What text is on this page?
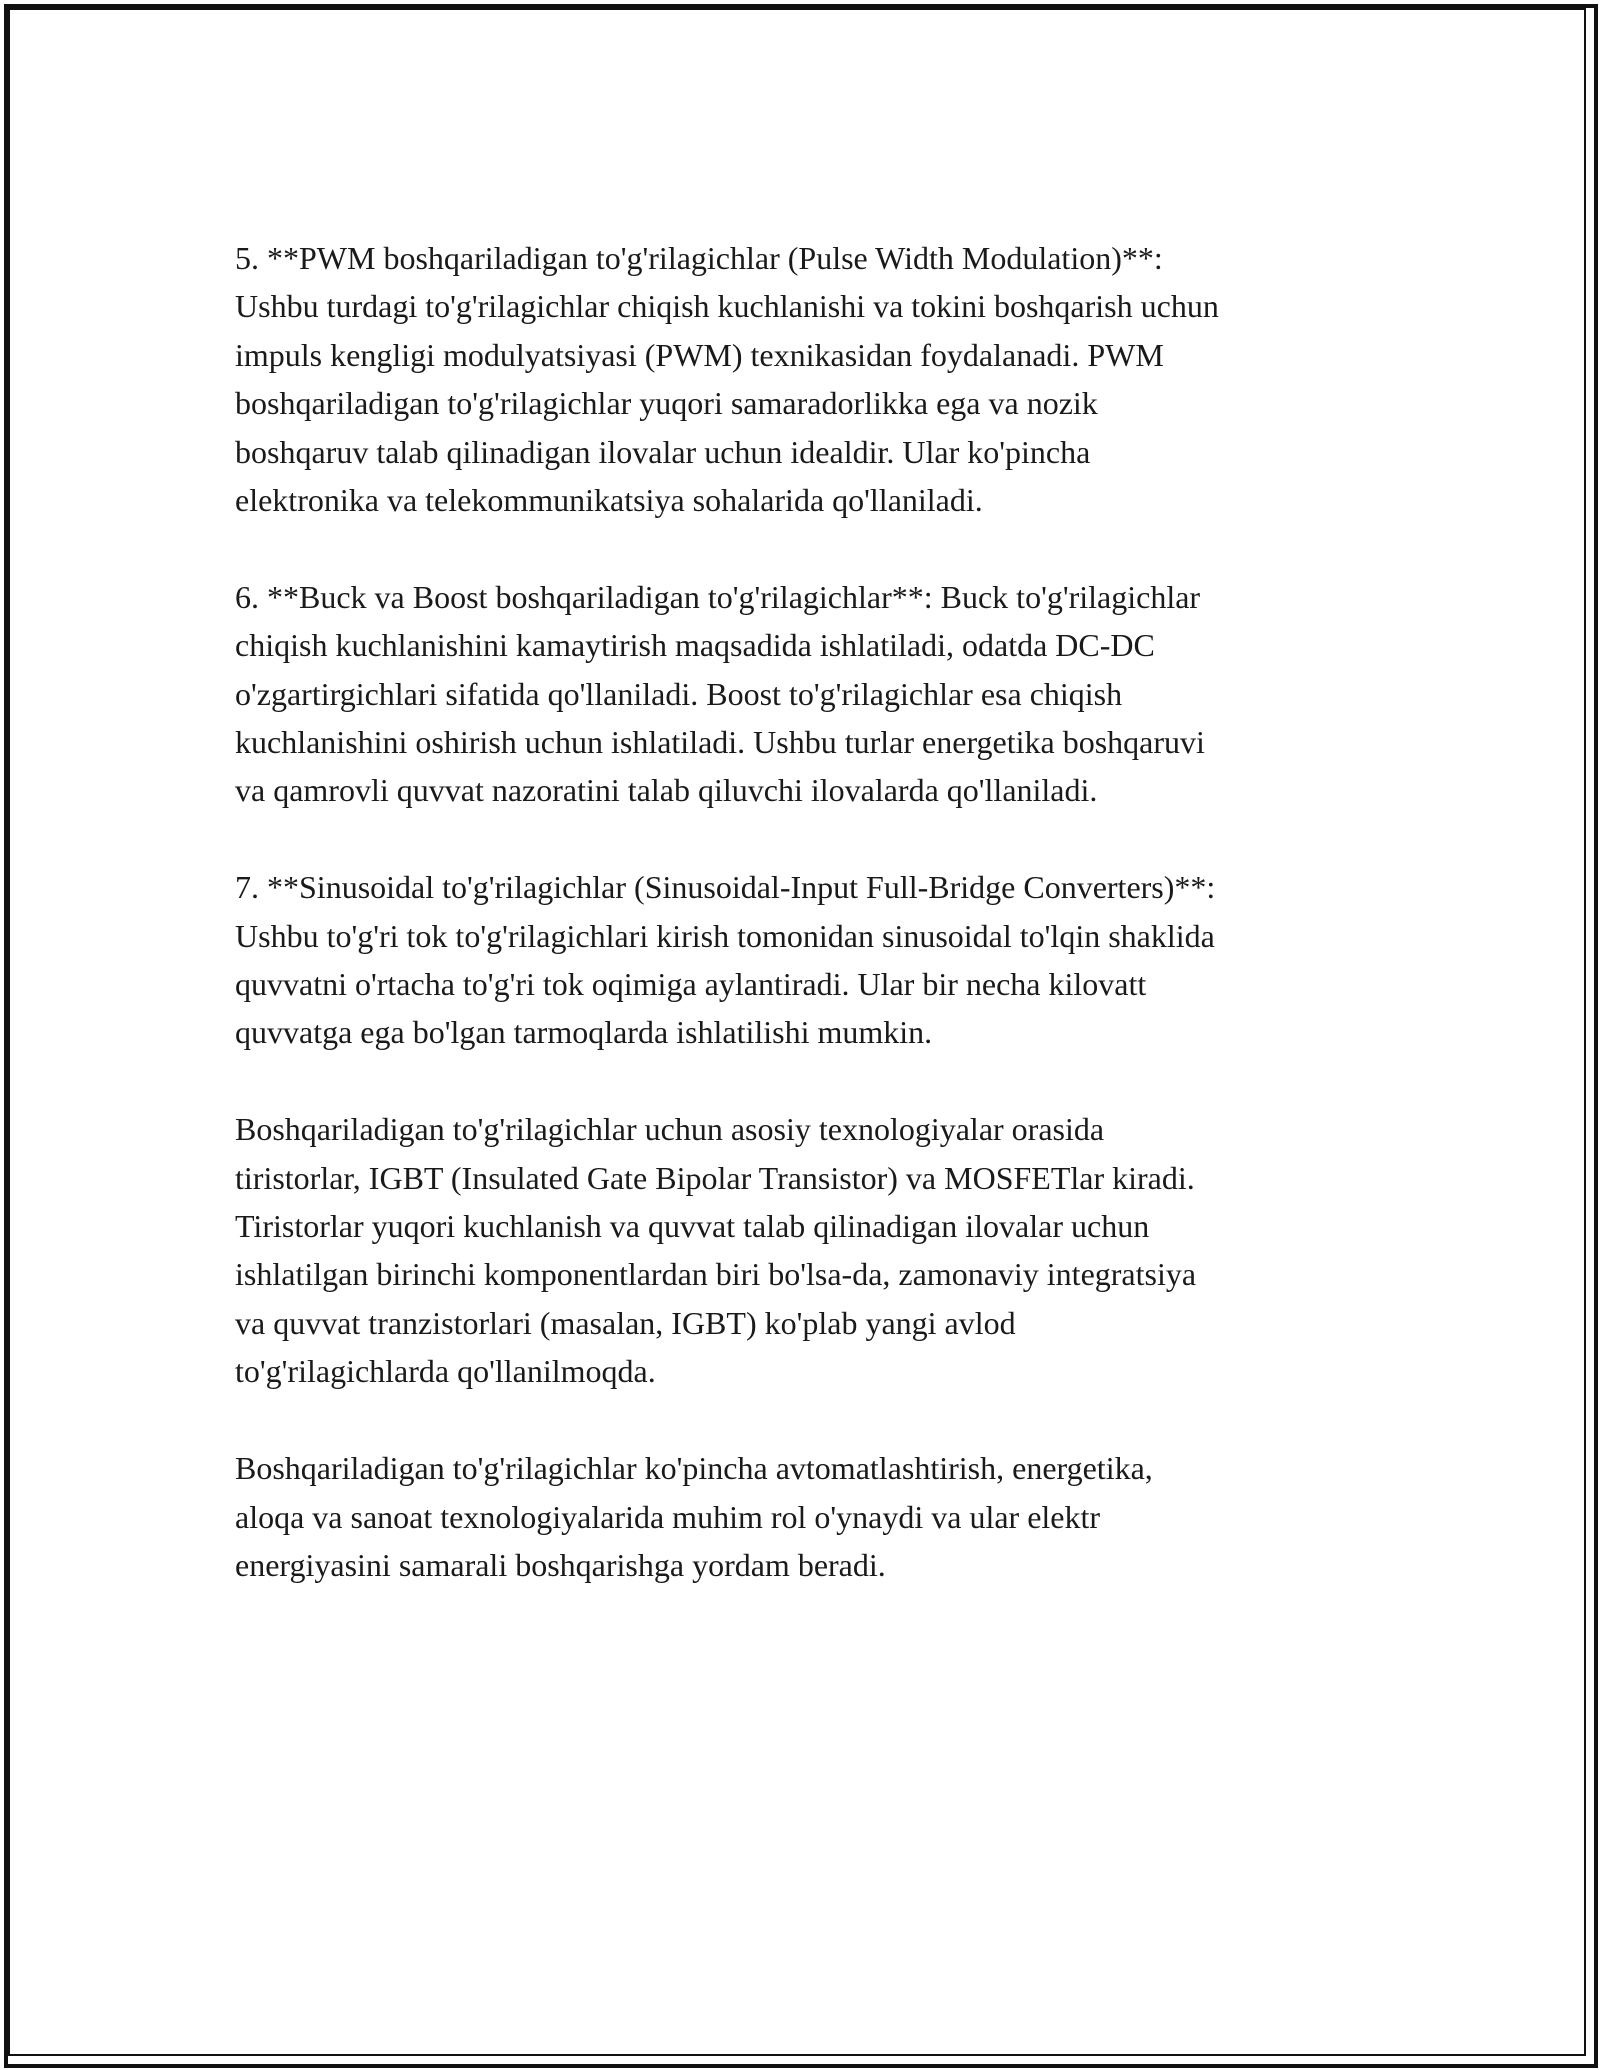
5. **PWM boshqariladigan to'g'rilagichlar (Pulse Width Modulation)**:
Ushbu turdagi to'g'rilagichlar chiqish kuchlanishi va tokini boshqarish uchun
impuls kengligi modulyatsiyasi (PWM) texnikasidan foydalanadi. PWM
boshqariladigan to'g'rilagichlar yuqori samaradorlikka ega va nozik
boshqaruv talab qilinadigan ilovalar uchun idealdir. Ular ko'pincha
elektronika va telekommunikatsiya sohalarida qo'llaniladi.

6. **Buck va Boost boshqariladigan to'g'rilagichlar**: Buck to'g'rilagichlar
chiqish kuchlanishini kamaytirish maqsadida ishlatiladi, odatda DC-DC
o'zgartirgichlari sifatida qo'llaniladi. Boost to'g'rilagichlar esa chiqish
kuchlanishini oshirish uchun ishlatiladi. Ushbu turlar energetika boshqaruvi
va qamrovli quvvat nazoratini talab qiluvchi ilovalarda qo'llaniladi.

7. **Sinusoidal to'g'rilagichlar (Sinusoidal-Input Full-Bridge Converters)**:
Ushbu to'g'ri tok to'g'rilagichlari kirish tomonidan sinusoidal to'lqin shaklida
quvvatni o'rtacha to'g'ri tok oqimiga aylantiradi. Ular bir necha kilovatt
quvvatga ega bo'lgan tarmoqlarda ishlatilishi mumkin.

Boshqariladigan to'g'rilagichlar uchun asosiy texnologiyalar orasida
tiristorlar, IGBT (Insulated Gate Bipolar Transistor) va MOSFETlar kiradi.
Tiristorlar yuqori kuchlanish va quvvat talab qilinadigan ilovalar uchun
ishlatilgan birinchi komponentlardan biri bo'lsa-da, zamonaviy integratsiya
va quvvat tranzistorlari (masalan, IGBT) ko'plab yangi avlod
to'g'rilagichlarda qo'llanilmoqda.

Boshqariladigan to'g'rilagichlar ko'pincha avtomatlashtirish, energetika,
aloqa va sanoat texnologiyalarida muhim rol o'ynaydi va ular elektr
energiyasini samarali boshqarishga yordam beradi.
